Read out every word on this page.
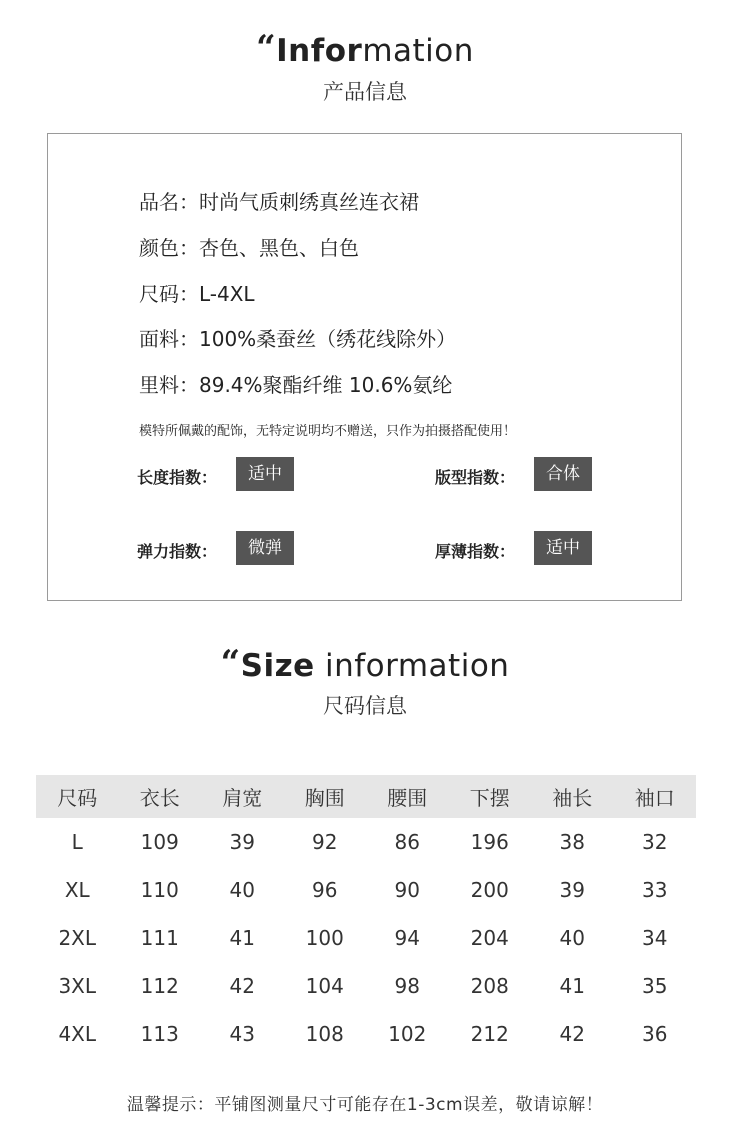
“Information
产品信息
品名：时尚气质刺绣真丝连衣裙
颜色：杏色、黑色、白色
尺码：L-4XL
面料：100%桑蚕丝（绣花线除外）
里料：89.4%聚酯纤维 10.6%氨纶
模特所佩戴的配饰，无特定说明均不赠送，只作为拍摄搭配使用！
长度指数：	适中	版型指数：	合体
弹力指数：	微弹	厚薄指数：	适中
“Size information
尺码信息
尺码	衣长	肩宽	胸围	腰围	下摆	袖长	袖口
L	109	39	92	86	196	38	32
XL	110	40	96	90	200	39	33
2XL	111	41	100	94	204	40	34
3XL	112	42	104	98	208	41	35
4XL	113	43	108	102	212	42	36
温馨提示：平铺图测量尺寸可能存在1-3cm误差，敬请谅解！
